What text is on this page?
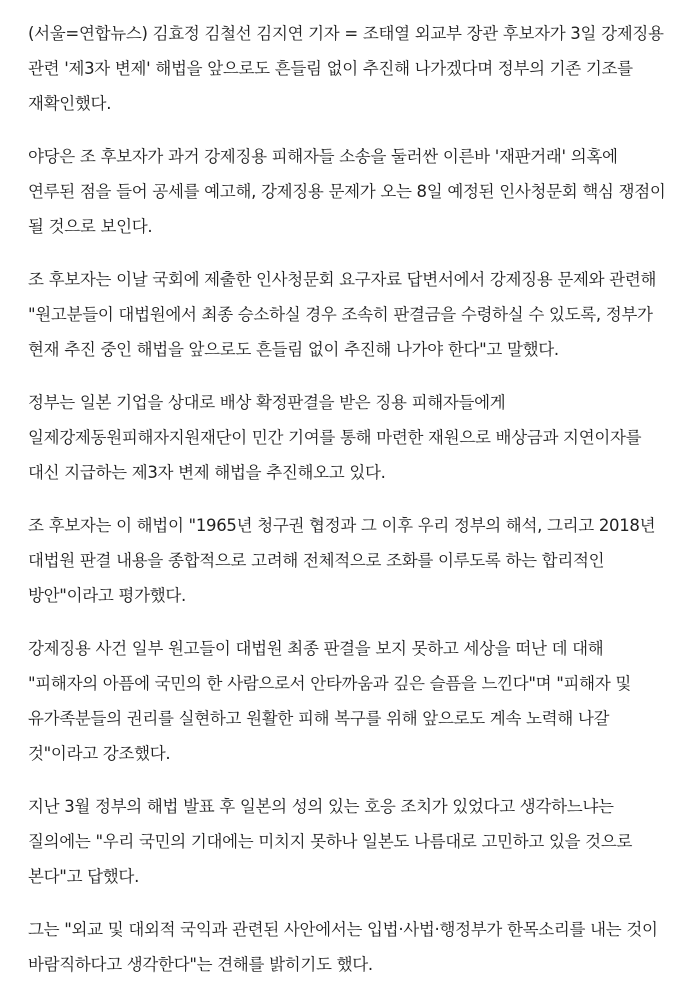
(서울=연합뉴스) 김효정 김철선 김지연 기자 = 조태열 외교부 장관 후보자가 3일 강제징용 관련 '제3자 변제' 해법을 앞으로도 흔들림 없이 추진해 나가겠다며 정부의 기존 기조를 재확인했다.

야당은 조 후보자가 과거 강제징용 피해자들 소송을 둘러싼 이른바 '재판거래' 의혹에 연루된 점을 들어 공세를 예고해, 강제징용 문제가 오는 8일 예정된 인사청문회 핵심 쟁점이 될 것으로 보인다.

조 후보자는 이날 국회에 제출한 인사청문회 요구자료 답변서에서 강제징용 문제와 관련해 "원고분들이 대법원에서 최종 승소하실 경우 조속히 판결금을 수령하실 수 있도록, 정부가 현재 추진 중인 해법을 앞으로도 흔들림 없이 추진해 나가야 한다"고 말했다.

정부는 일본 기업을 상대로 배상 확정판결을 받은 징용 피해자들에게 일제강제동원피해자지원재단이 민간 기여를 통해 마련한 재원으로 배상금과 지연이자를 대신 지급하는 제3자 변제 해법을 추진해오고 있다.

조 후보자는 이 해법이 "1965년 청구권 협정과 그 이후 우리 정부의 해석, 그리고 2018년 대법원 판결 내용을 종합적으로 고려해 전체적으로 조화를 이루도록 하는 합리적인 방안"이라고 평가했다.

강제징용 사건 일부 원고들이 대법원 최종 판결을 보지 못하고 세상을 떠난 데 대해 "피해자의 아픔에 국민의 한 사람으로서 안타까움과 깊은 슬픔을 느낀다"며 "피해자 및 유가족분들의 권리를 실현하고 원활한 피해 복구를 위해 앞으로도 계속 노력해 나갈 것"이라고 강조했다.

지난 3월 정부의 해법 발표 후 일본의 성의 있는 호응 조치가 있었다고 생각하느냐는 질의에는 "우리 국민의 기대에는 미치지 못하나 일본도 나름대로 고민하고 있을 것으로 본다"고 답했다.

그는 "외교 및 대외적 국익과 관련된 사안에서는 입법·사법·행정부가 한목소리를 내는 것이 바람직하다고 생각한다"는 견해를 밝히기도 했다.
